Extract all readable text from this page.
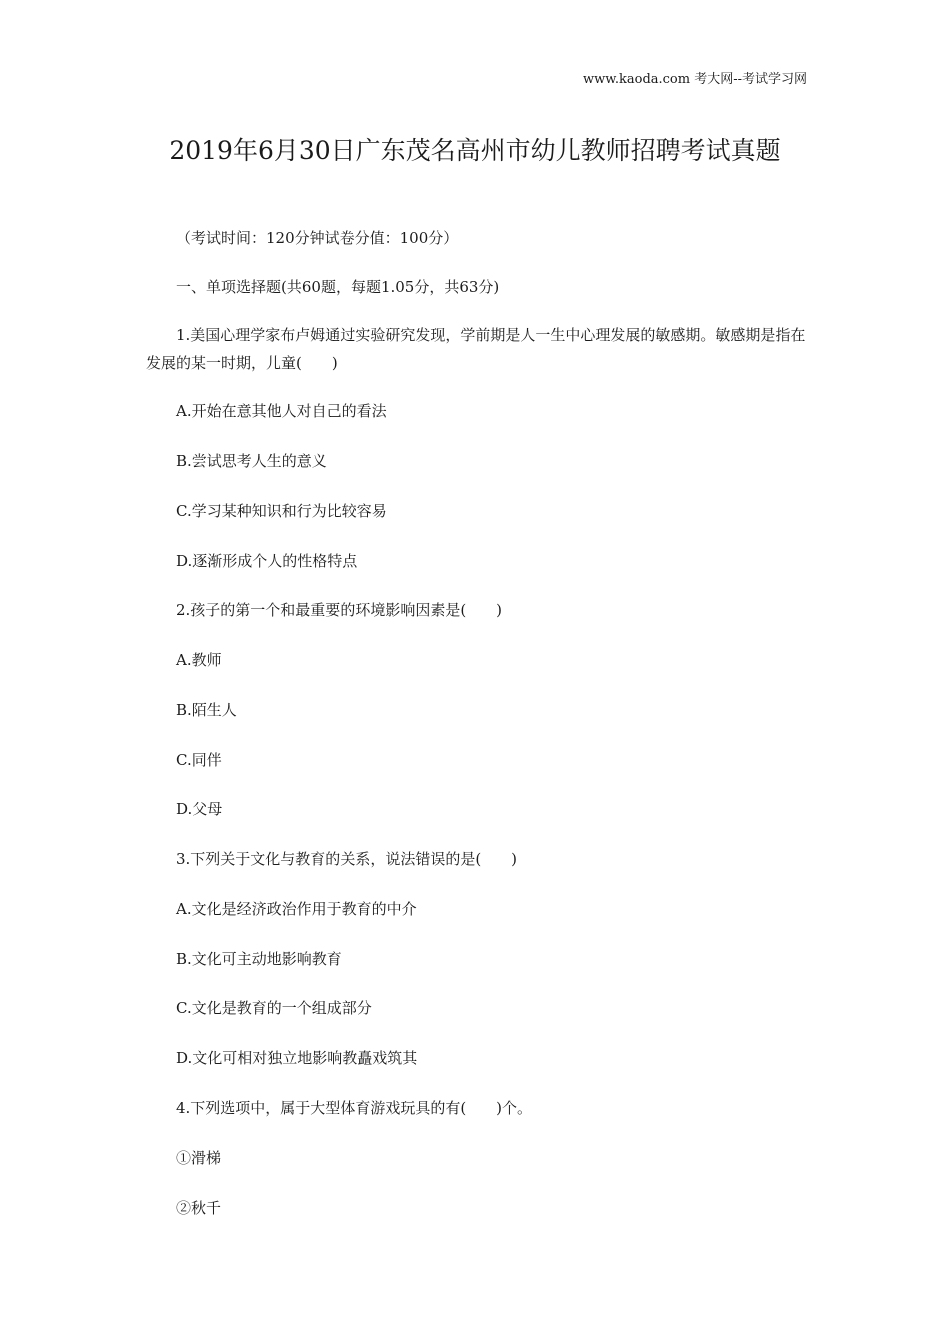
www.kaoda.com 考大网--考试学习网
2019年6月30日广东茂名高州市幼儿教师招聘考试真题
（考试时间：120分钟试卷分值：100分）
一、单项选择题(共60题，每题1.05分，共63分)
1.美国心理学家布卢姆通过实验研究发现，学前期是人一生中心理发展的敏感期。敏感期是指在发展的某一时期，儿童(　　)
A.开始在意其他人对自己的看法
B.尝试思考人生的意义
C.学习某种知识和行为比较容易
D.逐渐形成个人的性格特点
2.孩子的第一个和最重要的环境影响因素是(　　)
A.教师
B.陌生人
C.同伴
D.父母
3.下列关于文化与教育的关系，说法错误的是(　　)
A.文化是经济政治作用于教育的中介
B.文化可主动地影响教育
C.文化是教育的一个组成部分
D.文化可相对独立地影响教矗戏筑其
4.下列选项中，属于大型体育游戏玩具的有(　　)个。
①滑梯
②秋千
